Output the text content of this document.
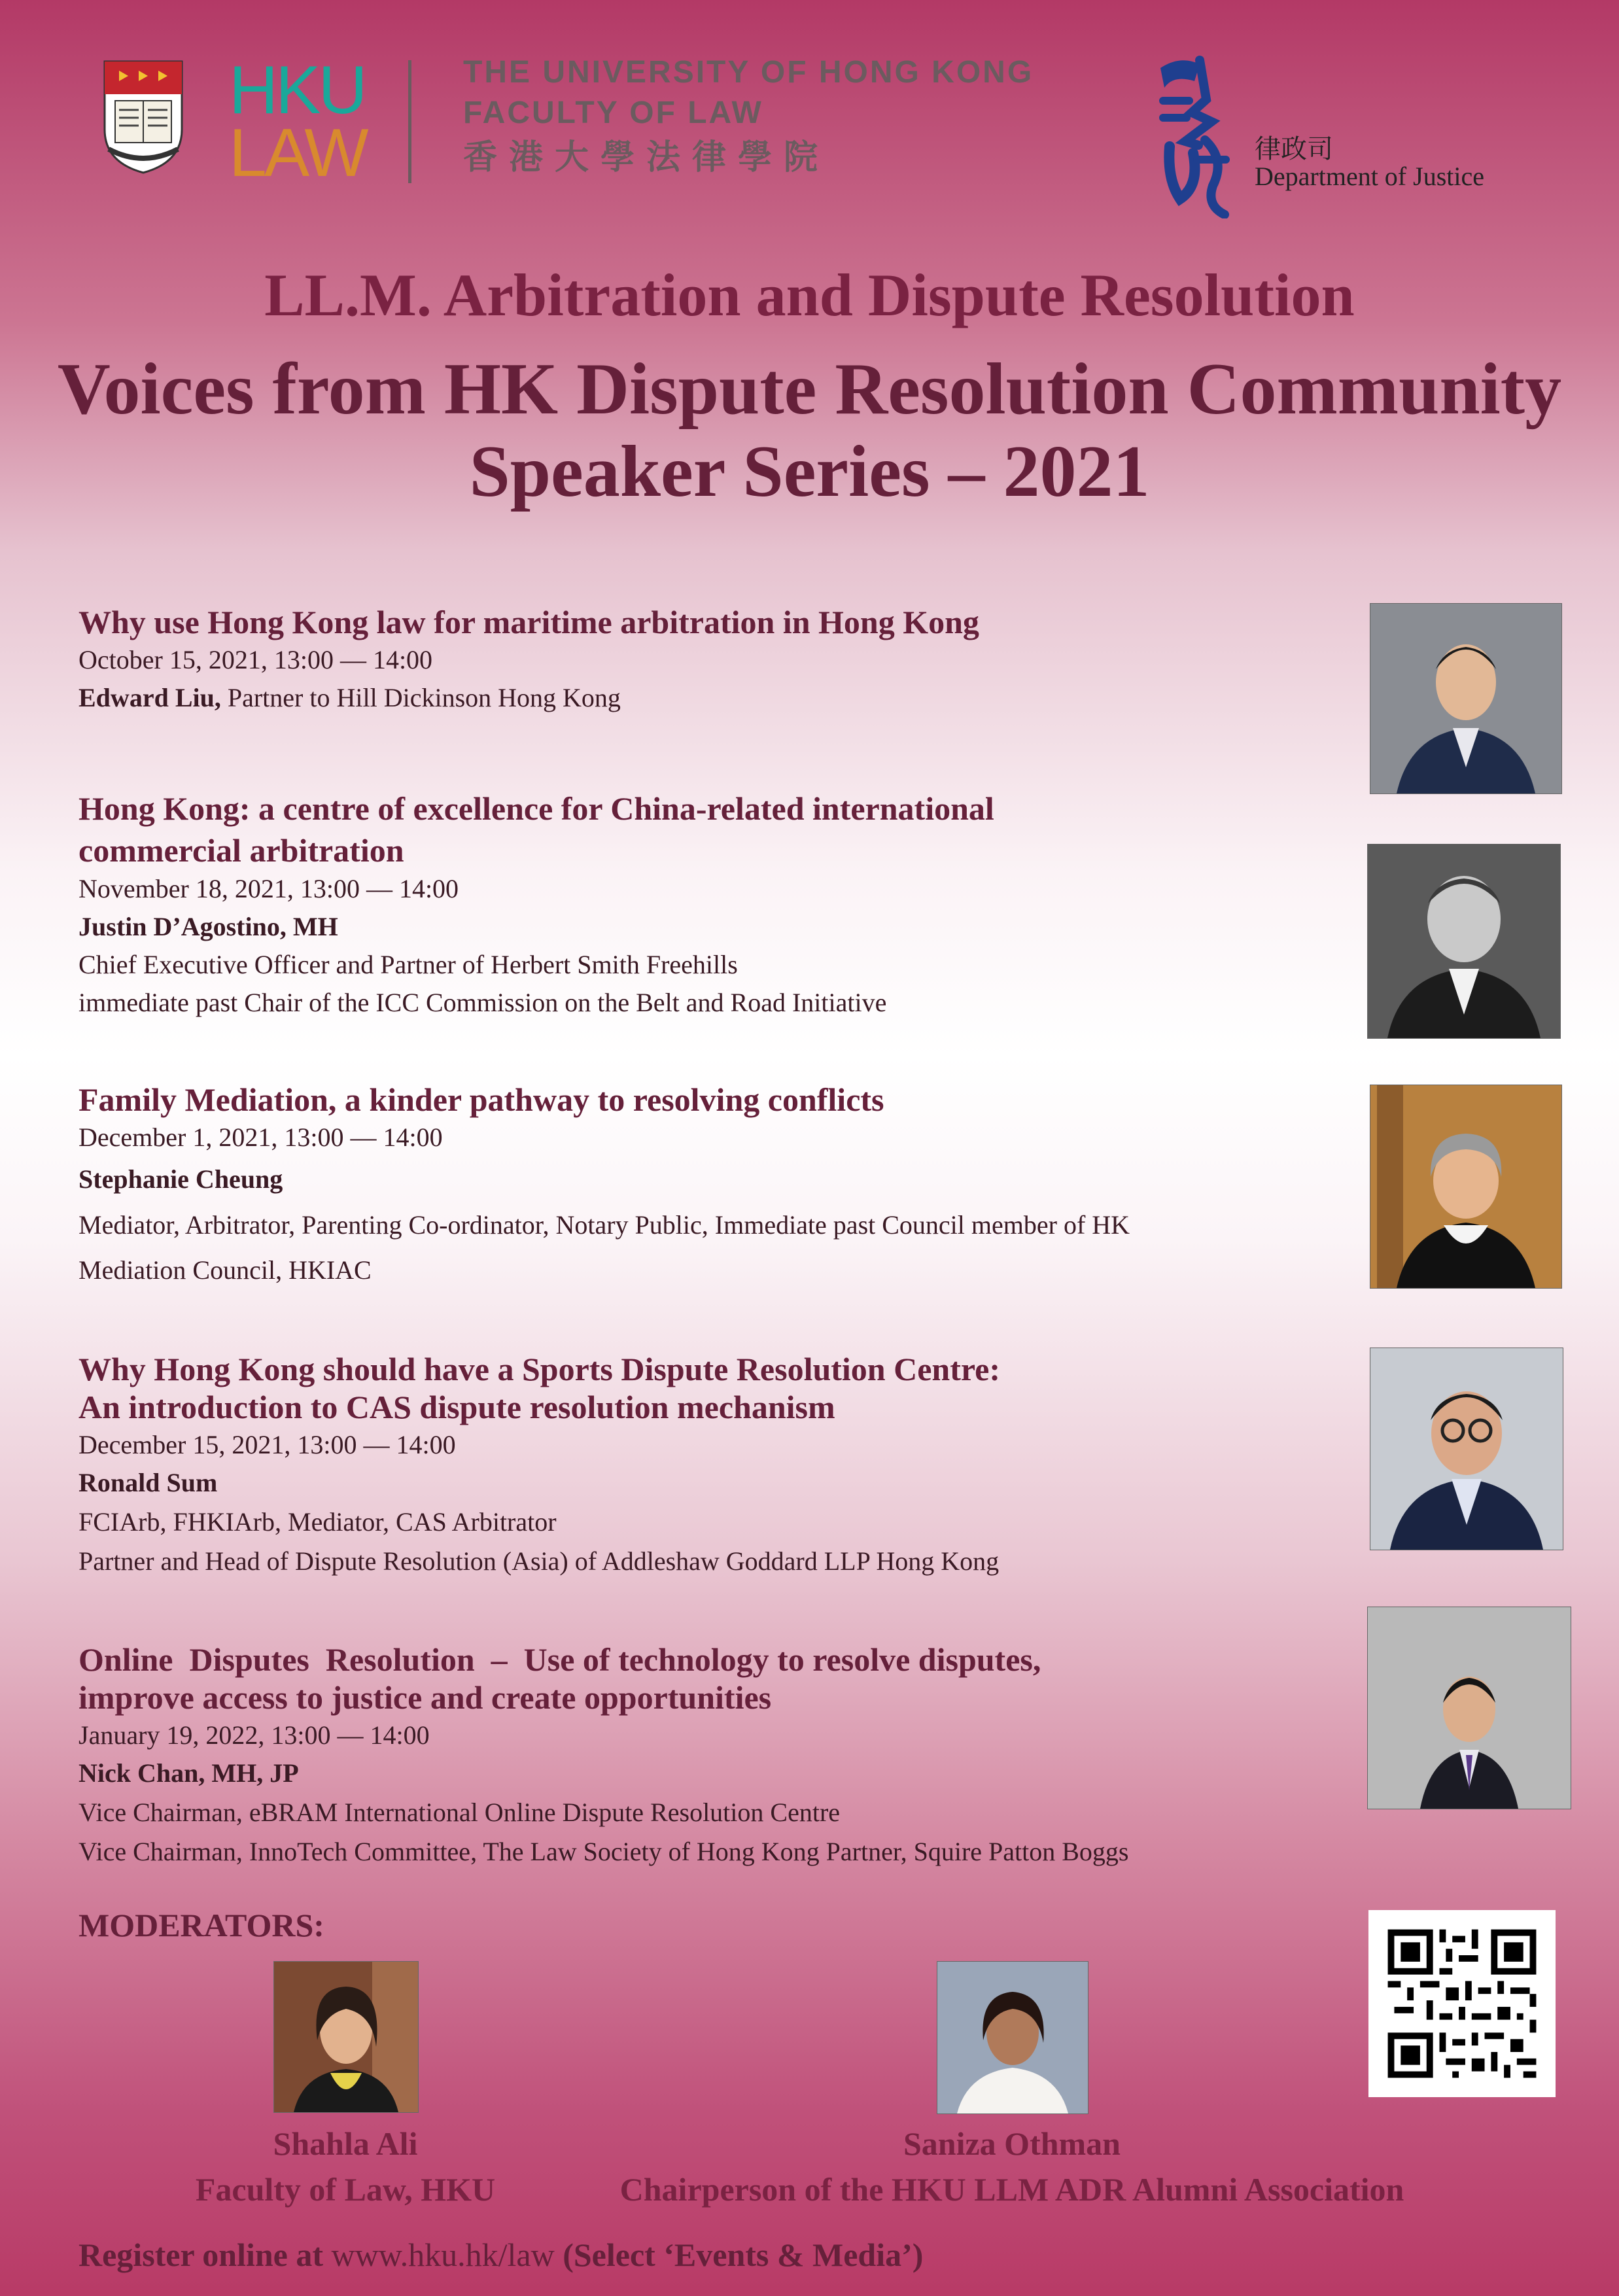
HKU
LAW
THE UNIVERSITY OF HONG KONG
FACULTY OF LAW
香港大學法律學院	律政司
Department of Justice
LL.M. Arbitration and Dispute Resolution
Voices from HK Dispute Resolution Community
Speaker Series – 2021
Why use Hong Kong law for maritime arbitration in Hong Kong
October 15, 2021, 13:00 — 14:00
Edward Liu, Partner to Hill Dickinson Hong Kong
Hong Kong: a centre of excellence for China-related international
commercial arbitration
November 18, 2021, 13:00 — 14:00
Justin D’Agostino, MH
Chief Executive Officer and Partner of Herbert Smith Freehills
immediate past Chair of the ICC Commission on the Belt and Road Initiative
Family Mediation, a kinder pathway to resolving conflicts
December 1, 2021, 13:00 — 14:00
Stephanie Cheung
Mediator, Arbitrator, Parenting Co-ordinator, Notary Public, Immediate past Council member of HK
Mediation Council, HKIAC
Why Hong Kong should have a Sports Dispute Resolution Centre:
An introduction to CAS dispute resolution mechanism
December 15, 2021, 13:00 — 14:00
Ronald Sum
FCIArb, FHKIArb, Mediator, CAS Arbitrator
Partner and Head of Dispute Resolution (Asia) of Addleshaw Goddard LLP Hong Kong
Online  Disputes  Resolution  –  Use of technology to resolve disputes,
improve access to justice and create opportunities
January 19, 2022, 13:00 — 14:00
Nick Chan, MH, JP
Vice Chairman, eBRAM International Online Dispute Resolution Centre
Vice Chairman, InnoTech Committee, The Law Society of Hong Kong Partner, Squire Patton Boggs
MODERATORS:
Shahla Ali
Faculty of Law, HKU
Saniza Othman
Chairperson of the HKU LLM ADR Alumni Association
Register online at www.hku.hk/law (Select ‘Events & Media’)
